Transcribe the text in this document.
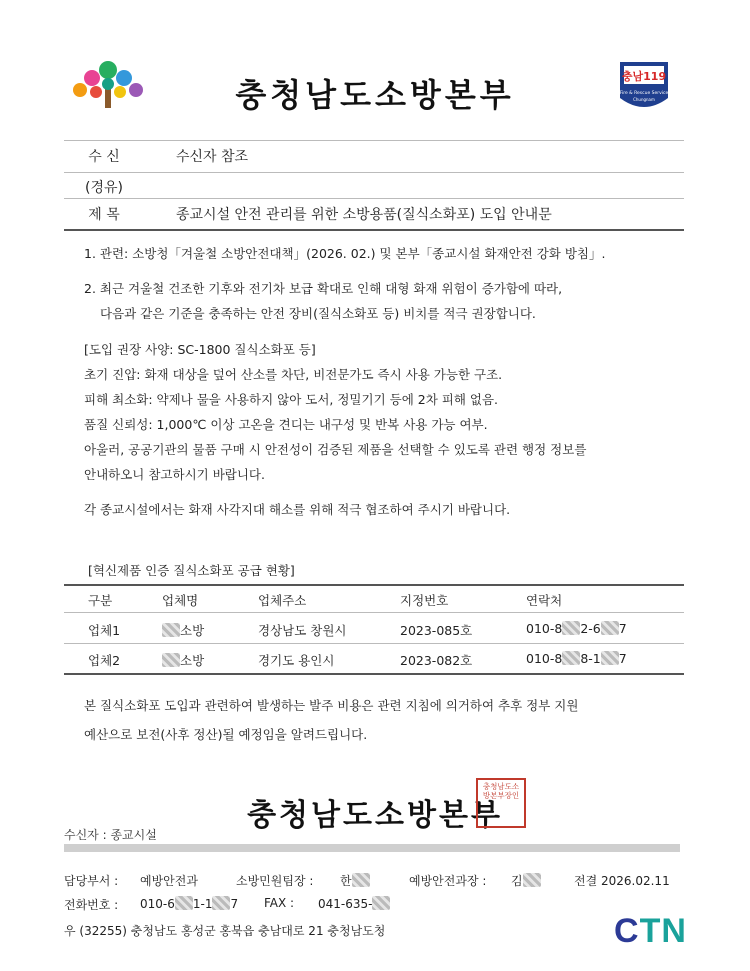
충청남도소방본부	충남119
Fire & Rescue Service
Chungnam
수 신	수신자 참조
(경유)
제 목	종교시설 안전 관리를 위한 소방용품(질식소화포) 도입 안내문
1. 관련: 소방청「겨울철 소방안전대책」(2026. 02.) 및 본부「종교시설 화재안전 강화 방침」.
2. 최근 겨울철 건조한 기후와 전기차 보급 확대로 인해 대형 화재 위험이 증가함에 따라,
다음과 같은 기준을 충족하는 안전 장비(질식소화포 등) 비치를 적극 권장합니다.
[도입 권장 사양: SC-1800 질식소화포 등]
초기 진압: 화재 대상을 덮어 산소를 차단, 비전문가도 즉시 사용 가능한 구조.
피해 최소화: 약제나 물을 사용하지 않아 도서, 정밀기기 등에 2차 피해 없음.
품질 신뢰성: 1,000℃ 이상 고온을 견디는 내구성 및 반복 사용 가능 여부.
아울러, 공공기관의 물품 구매 시 안전성이 검증된 제품을 선택할 수 있도록 관련 행정 정보를
안내하오니 참고하시기 바랍니다.
각 종교시설에서는 화재 사각지대 해소를 위해 적극 협조하여 주시기 바랍니다.
[혁신제품 인증 질식소화포 공급 현황]
구분	업체명	업체주소	지정번호	연락처
업체1	소방	경상남도 창원시	2023-085호	010-8 2-6 7
업체2	소방	경기도 용인시	2023-082호	010-8 8-1 7
본 질식소화포 도입과 관련하여 발생하는 발주 비용은 관련 지침에 의거하여 추후 정부 지원
예산으로 보전(사후 정산)될 예정임을 알려드립니다.
충청남도소방본부
충청남도소방본부장인
수신자 : 종교시설
담당부서 : 예방안전과	소방민원팀장 : 한	예방안전과장 : 김	전결 2026.02.11
전화번호 : 010-6 1-1 7 FAX : 041-635-
우 (32255) 충청남도 홍성군 홍북읍 충남대로 21 충청남도청	CTN
